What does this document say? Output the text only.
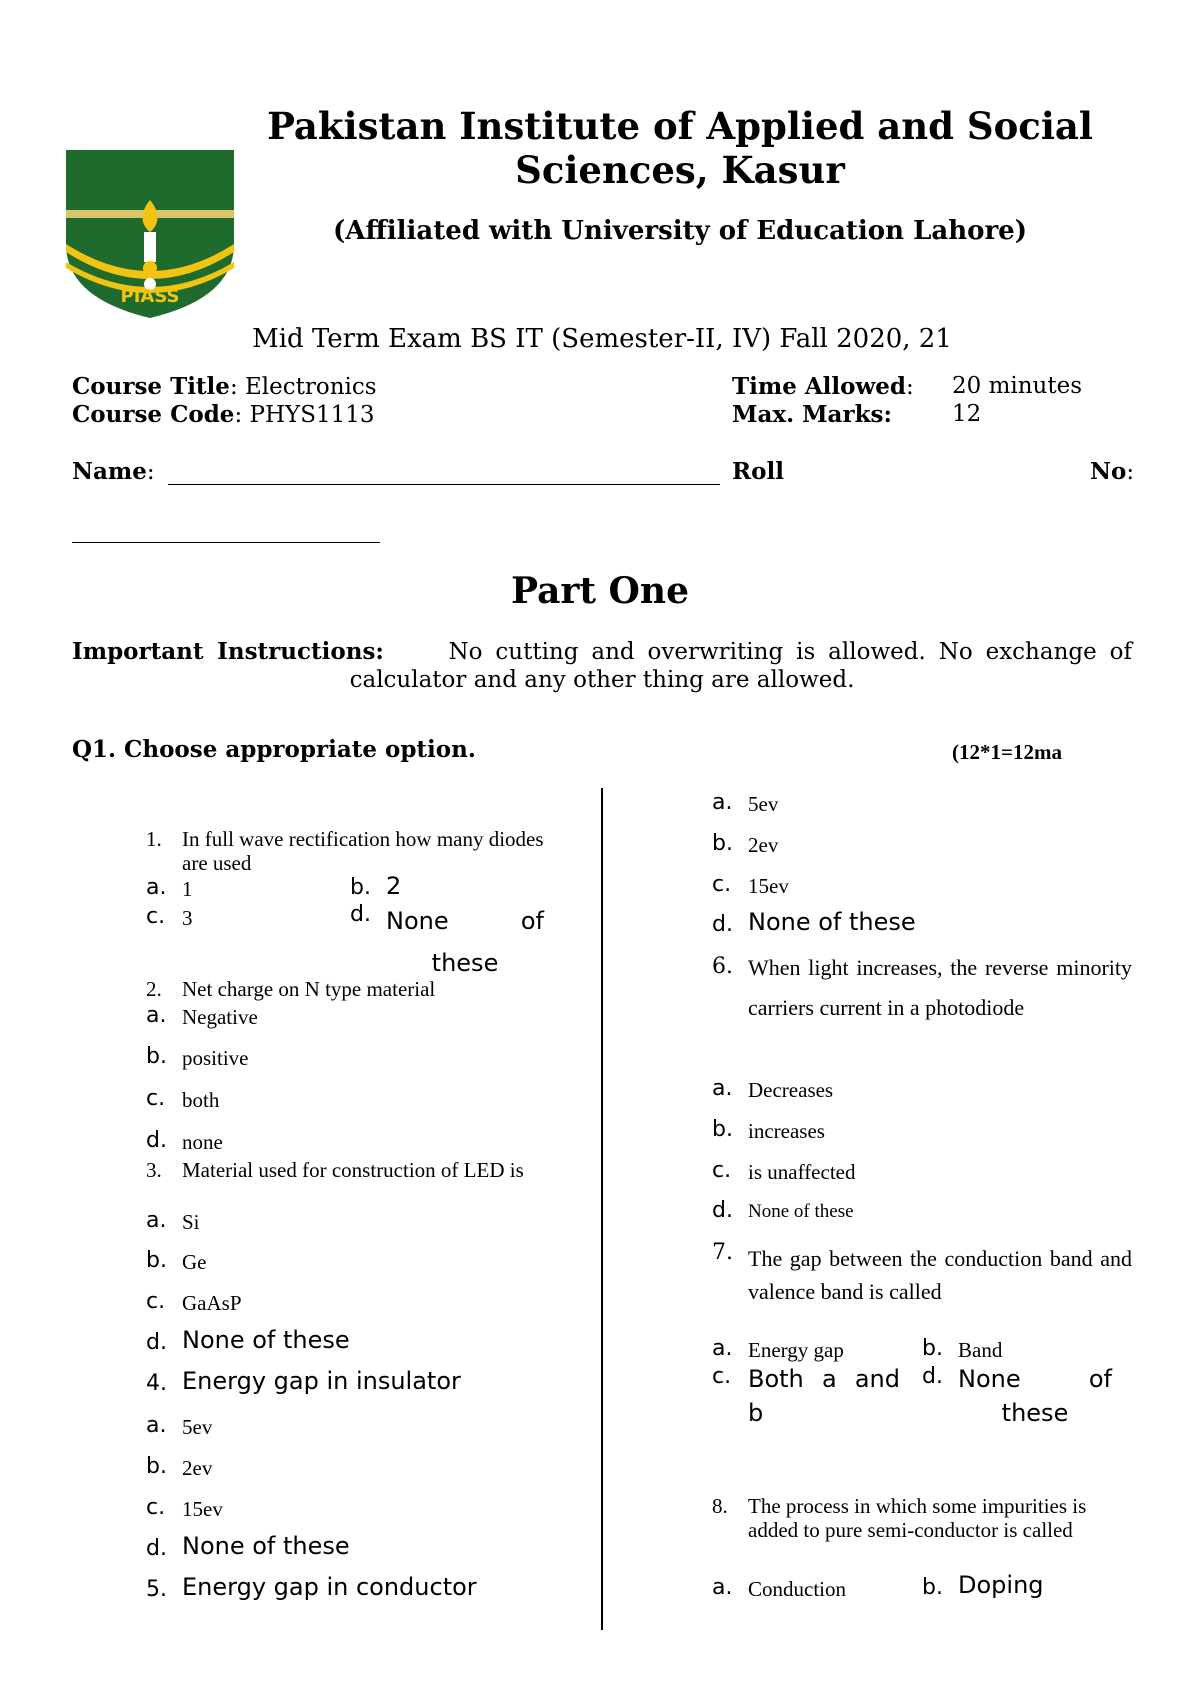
PIASS
Pakistan Institute of Applied and Social
Sciences, Kasur
(Affiliated with University of Education Lahore)
Mid Term Exam BS IT (Semester-II, IV) Fall 2020, 21
Course Title: Electronics
Course Code: PHYS1113
Time Allowed: 20 minutes
Max. Marks:	12
Name:	Roll	No:
Part One
Important Instructions:	No cutting and overwriting is allowed. No exchange of calculator and any other thing are allowed.
Q1. Choose appropriate option.	(12*1=12ma
1. In full wave rectification how many diodes are used
a. 1	b. 2
c. 3	d. None of these
2. Net charge on N type material
a. Negative
b. positive
c. both
d. none
3. Material used for construction of LED is
a. Si
b. Ge
c. GaAsP
d. None of these
4. Energy gap in insulator
a. 5ev
b. 2ev
c. 15ev
d. None of these
5. Energy gap in conductor
a. 5ev
b. 2ev
c. 15ev
d. None of these
6. When light increases, the reverse minority carriers current in a photodiode
a. Decreases
b. increases
c. is unaffected
d. None of these
7. The gap between the conduction band and valence band is called
a. Energy gap	b. Band
c. Both a and b
d. None of these
8. The process in which some impurities is added to pure semi-conductor is called
a. Conduction	b. Doping
